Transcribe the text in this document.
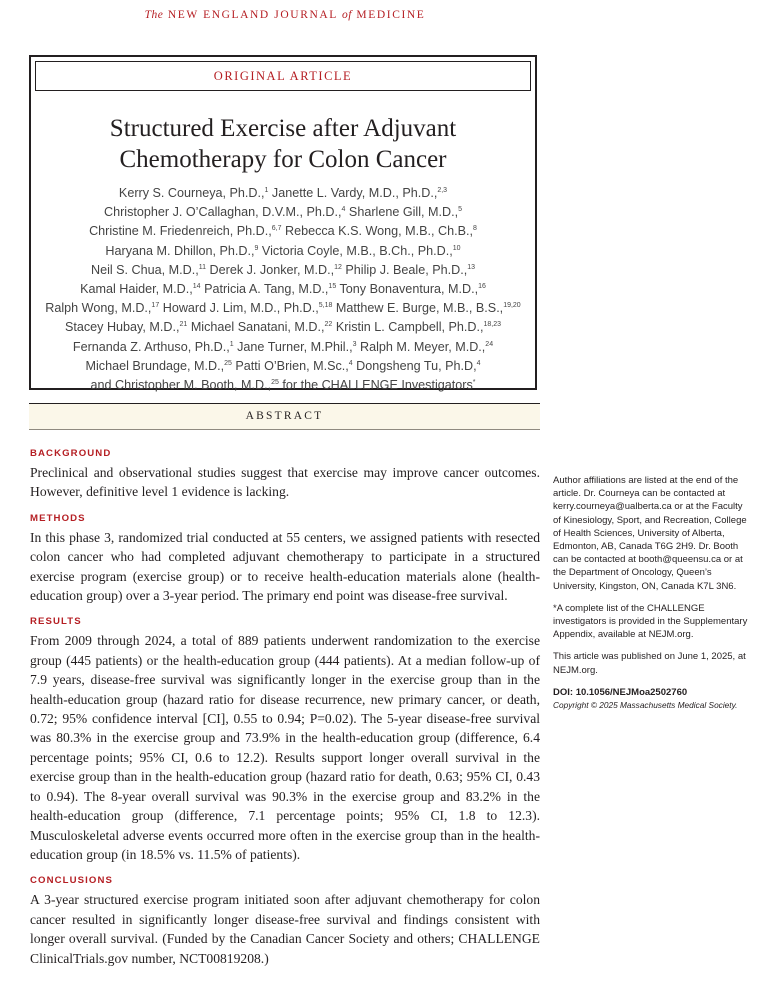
The NEW ENGLAND JOURNAL of MEDICINE
ORIGINAL ARTICLE
Structured Exercise after Adjuvant
Chemotherapy for Colon Cancer
Kerry S. Courneya, Ph.D.,$^1$ Janette L. Vardy, M.D., Ph.D.,$^{2,3}$
Christopher J. O’Callaghan, D.V.M., Ph.D.,$^4$ Sharlene Gill, M.D.,$^5$
Christine M. Friedenreich, Ph.D.,$^{6,7}$ Rebecca K.S. Wong, M.B., Ch.B.,$^8$
Haryana M. Dhillon, Ph.D.,$^9$ Victoria Coyle, M.B., B.Ch., Ph.D.,$^{10}$
Neil S. Chua, M.D.,$^{11}$ Derek J. Jonker, M.D.,$^{12}$ Philip J. Beale, Ph.D.,$^{13}$
Kamal Haider, M.D.,$^{14}$ Patricia A. Tang, M.D.,$^{15}$ Tony Bonaventura, M.D.,$^{16}$
Ralph Wong, M.D.,$^{17}$ Howard J. Lim, M.D., Ph.D.,$^{5,18}$ Matthew E. Burge, M.B., B.S.,$^{19,20}$
Stacey Hubay, M.D.,$^{21}$ Michael Sanatani, M.D.,$^{22}$ Kristin L. Campbell, Ph.D.,$^{18,23}$
Fernanda Z. Arthuso, Ph.D.,$^1$ Jane Turner, M.Phil.,$^3$ Ralph M. Meyer, M.D.,$^{24}$
Michael Brundage, M.D.,$^{25}$ Patti O’Brien, M.Sc.,$^4$ Dongsheng Tu, Ph.D,$^4$
and Christopher M. Booth, M.D.,$^{25}$ for the CHALLENGE Investigators*
ABSTRACT
BACKGROUND

Preclinical and observational studies suggest that exercise may improve cancer outcomes. However, definitive level 1 evidence is lacking.

METHODS

In this phase 3, randomized trial conducted at 55 centers, we assigned patients with resected colon cancer who had completed adjuvant chemotherapy to participate in a structured exercise program (exercise group) or to receive health-education materials alone (health-education group) over a 3-year period. The primary end point was disease-free survival.

RESULTS

From 2009 through 2024, a total of 889 patients underwent randomization to the exercise group (445 patients) or the health-education group (444 patients). At a median follow-up of 7.9 years, disease-free survival was significantly longer in the exercise group than in the health-education group (hazard ratio for disease recurrence, new primary cancer, or death, 0.72; 95% confidence interval [CI], 0.55 to 0.94; P=0.02). The 5-year disease-free survival was 80.3% in the exercise group and 73.9% in the health-education group (difference, 6.4 percentage points; 95% CI, 0.6 to 12.2). Results support longer overall survival in the exercise group than in the health-education group (hazard ratio for death, 0.63; 95% CI, 0.43 to 0.94). The 8-year overall survival was 90.3% in the exercise group and 83.2% in the health-education group (difference, 7.1 percentage points; 95% CI, 1.8 to 12.3). Musculoskeletal adverse events occurred more often in the exercise group than in the health-education group (in 18.5% vs. 11.5% of patients).

CONCLUSIONS

A 3-year structured exercise program initiated soon after adjuvant chemotherapy for colon cancer resulted in significantly longer disease-free survival and findings consistent with longer overall survival. (Funded by the Canadian Cancer Society and others; CHALLENGE ClinicalTrials.gov number, NCT00819208.)

Author affiliations are listed at the end of the article. Dr. Courneya can be contacted at kerry.courneya@ualberta.ca or at the Faculty of Kinesiology, Sport, and Recreation, College of Health Sciences, University of Alberta, Edmonton, AB, Canada T6G 2H9. Dr. Booth can be contacted at booth@queensu.ca or at the Department of Oncology, Queen’s University, Kingston, ON, Canada K7L 3N6.

*A complete list of the CHALLENGE investigators is provided in the Supplementary Appendix, available at NEJM.org.

This article was published on June 1, 2025, at NEJM.org.

DOI: 10.1056/NEJMoa2502760

Copyright © 2025 Massachusetts Medical Society.
